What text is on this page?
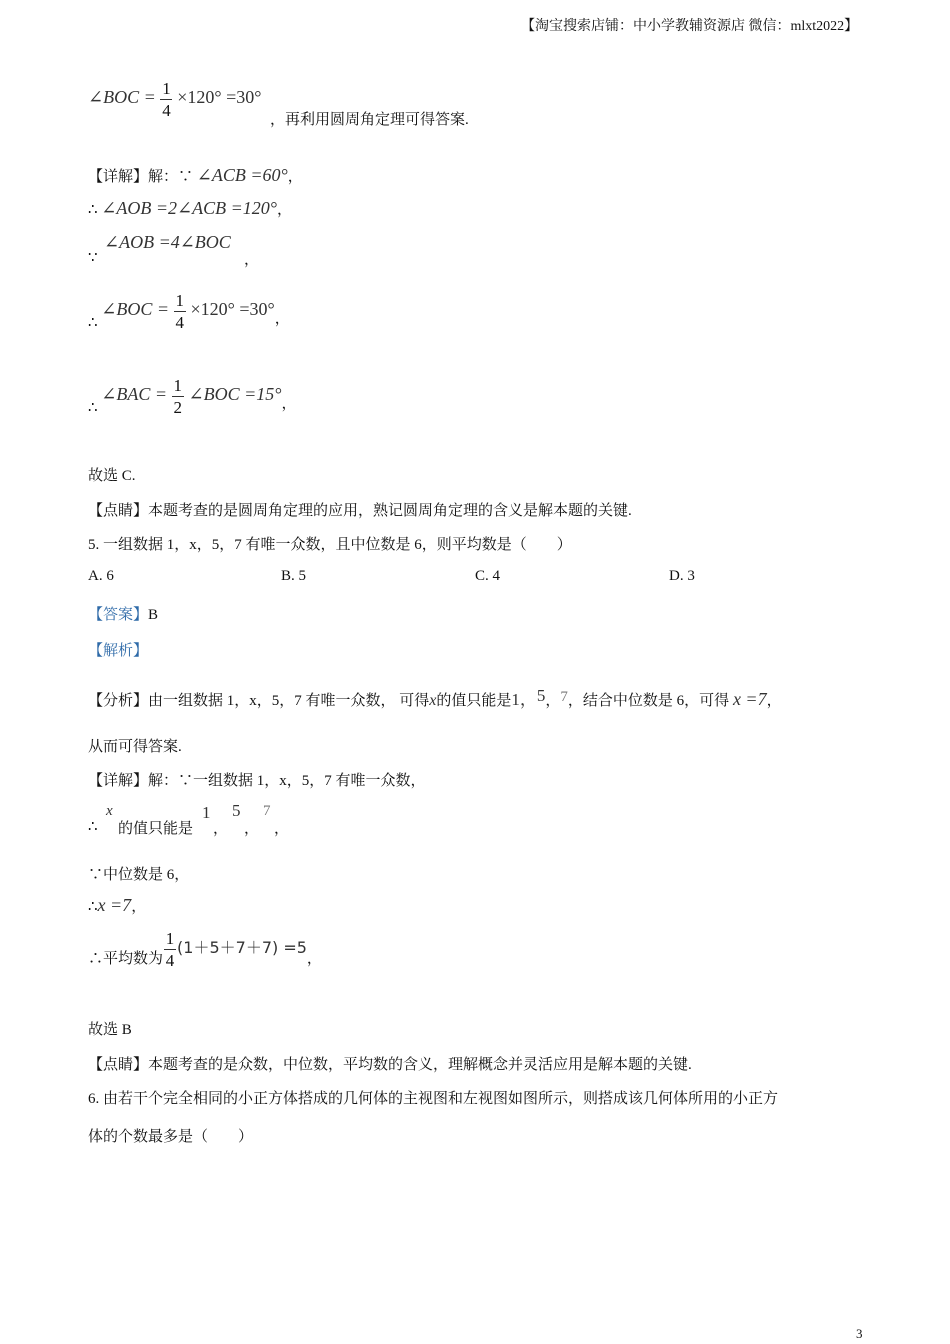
【淘宝搜索店铺：中小学教辅资源店 微信：mlxt2022】
∠BOC = $\frac{1}{4} \times 120^\circ =30^\circ$
，再利用圆周角定理可得答案.
【详解】解：∵ ∠ACB =60°，
∴ ∠AOB =2∠ACB =120°，
∠AOB =4∠BOC
∵	，
∴ ∠BOC = $\frac{1}{4} \times 120^\circ =30^\circ$，
∴ ∠BAC = $\frac{1}{2}$ ∠BOC =15°，
故选 C.
【点睛】本题考查的是圆周角定理的应用，熟记圆周角定理的含义是解本题的关键.
5. 一组数据 1，x，5，7 有唯一众数，且中位数是 6，则平均数是（　　）
A. 6	B. 5	C. 4	D. 3
【答案】B
【解析】
【分析】由一组数据 1，x，5，7 有唯一众数， 可得x的值只能是1，5，7，结合中位数是 6，可得 x =7，
从而可得答案.
【详解】解：∵一组数据 1，x，5，7 有唯一众数，
∴
x
的值只能是
1
，
5
，
7
，
∵中位数是 6，
∴x =7，
∴平均数为 $\frac{1}{4} (1+5+7+7) =5$，
故选 B
【点睛】本题考查的是众数，中位数，平均数的含义，理解概念并灵活应用是解本题的关键.
6. 由若干个完全相同的小正方体搭成的几何体的主视图和左视图如图所示，则搭成该几何体所用的小正方
体的个数最多是（　　）
3
